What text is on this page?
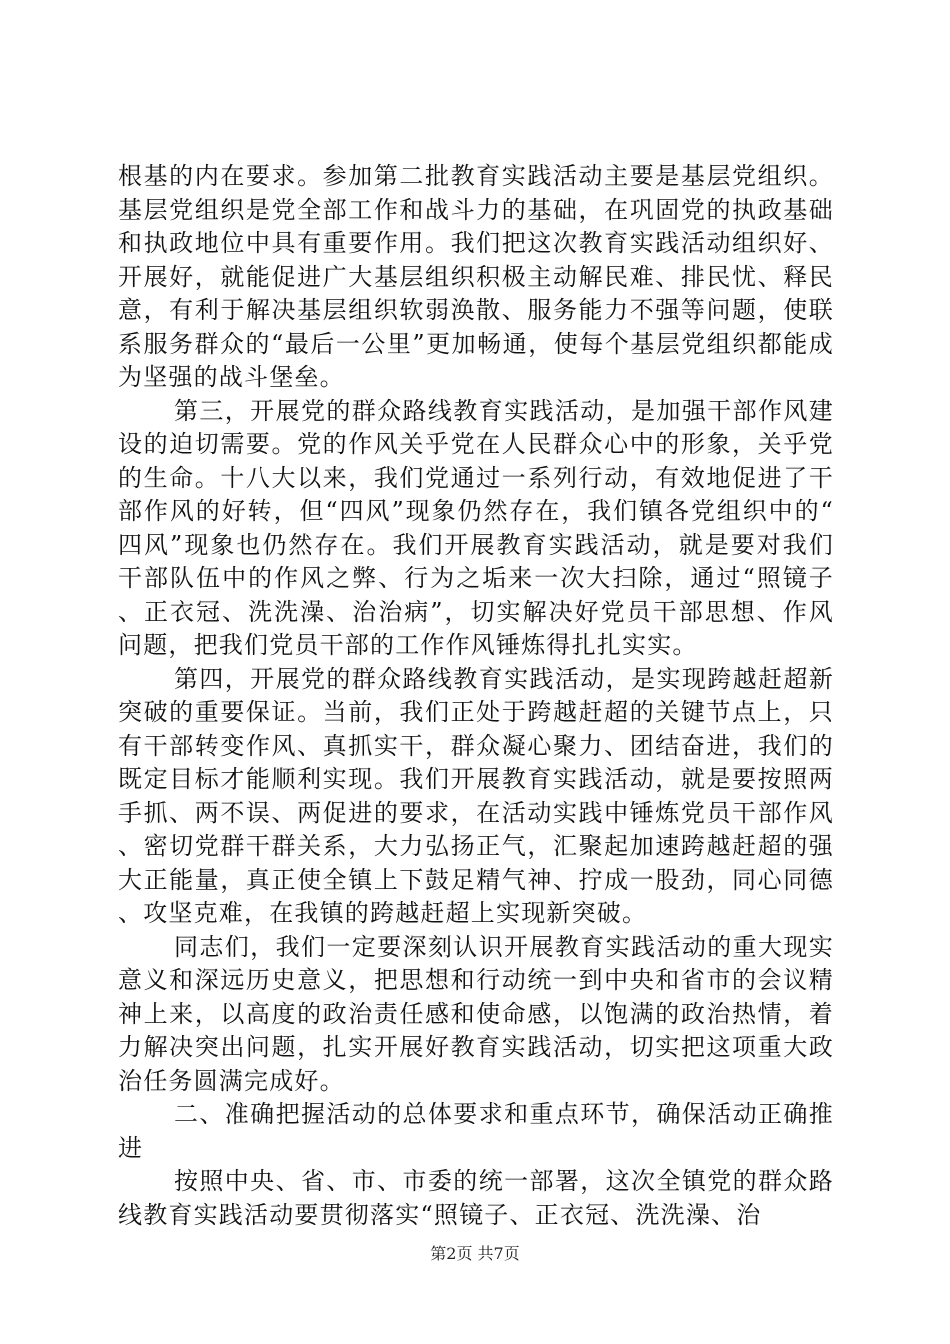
根基的内在要求。参加第二批教育实践活动主要是基层党组织。基层党组织是党全部工作和战斗力的基础，在巩固党的执政基础和执政地位中具有重要作用。我们把这次教育实践活动组织好、开展好，就能促进广大基层组织积极主动解民难、排民忧、释民意，有利于解决基层组织软弱涣散、服务能力不强等问题，使联系服务群众的“最后一公里”更加畅通，使每个基层党组织都能成为坚强的战斗堡垒。

第三，开展党的群众路线教育实践活动，是加强干部作风建设的迫切需要。党的作风关乎党在人民群众心中的形象，关乎党的生命。十八大以来，我们党通过一系列行动，有效地促进了干部作风的好转，但“四风”现象仍然存在，我们镇各党组织中的“四风”现象也仍然存在。我们开展教育实践活动，就是要对我们干部队伍中的作风之弊、行为之垢来一次大扫除，通过“照镜子、正衣冠、洗洗澡、治治病”，切实解决好党员干部思想、作风问题，把我们党员干部的工作作风锤炼得扎扎实实。

第四，开展党的群众路线教育实践活动，是实现跨越赶超新突破的重要保证。当前，我们正处于跨越赶超的关键节点上，只有干部转变作风、真抓实干，群众凝心聚力、团结奋进，我们的既定目标才能顺利实现。我们开展教育实践活动，就是要按照两手抓、两不误、两促进的要求，在活动实践中锤炼党员干部作风、密切党群干群关系，大力弘扬正气，汇聚起加速跨越赶超的强大正能量，真正使全镇上下鼓足精气神、拧成一股劲，同心同德、攻坚克难，在我镇的跨越赶超上实现新突破。

同志们，我们一定要深刻认识开展教育实践活动的重大现实意义和深远历史意义，把思想和行动统一到中央和省市的会议精神上来，以高度的政治责任感和使命感，以饱满的政治热情，着力解决突出问题，扎实开展好教育实践活动，切实把这项重大政治任务圆满完成好。

二、准确把握活动的总体要求和重点环节，确保活动正确推进

按照中央、省、市、市委的统一部署，这次全镇党的群众路线教育实践活动要贯彻落实“照镜子、正衣冠、洗洗澡、治

第2页 共7页
